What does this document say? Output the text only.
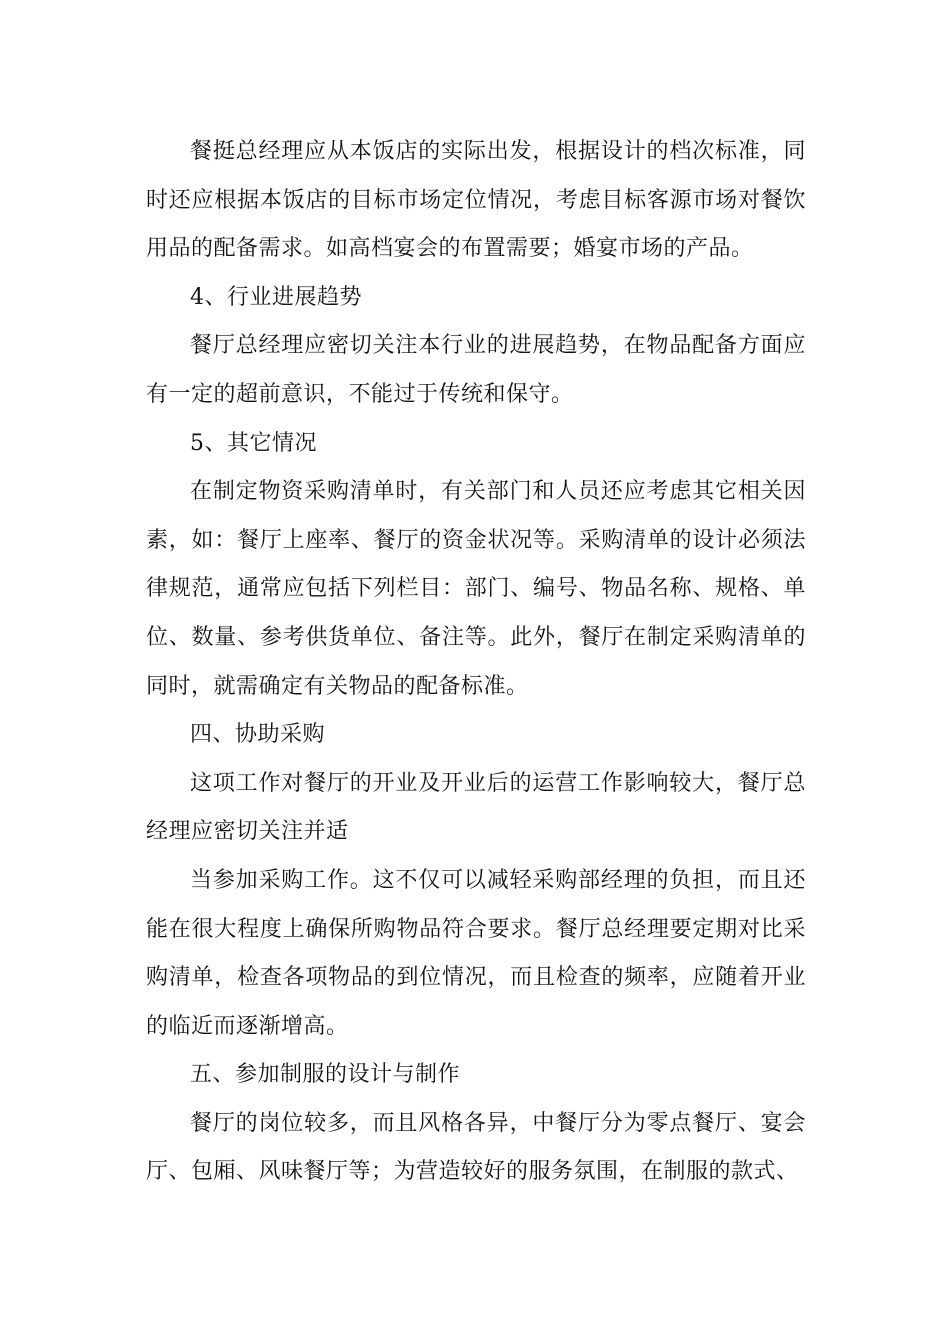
餐挺总经理应从本饭店的实际出发，根据设计的档次标准，同时还应根据本饭店的目标市场定位情况，考虑目标客源市场对餐饮用品的配备需求。如高档宴会的布置需要；婚宴市场的产品。

4、行业进展趋势

餐厅总经理应密切关注本行业的进展趋势，在物品配备方面应有一定的超前意识，不能过于传统和保守。

5、其它情况

在制定物资采购清单时，有关部门和人员还应考虑其它相关因素，如：餐厅上座率、餐厅的资金状况等。采购清单的设计必须法律规范，通常应包括下列栏目：部门、编号、物品名称、规格、单位、数量、参考供货单位、备注等。此外，餐厅在制定采购清单的同时，就需确定有关物品的配备标准。

四、协助采购

这项工作对餐厅的开业及开业后的运营工作影响较大，餐厅总经理应密切关注并适

当参加采购工作。这不仅可以减轻采购部经理的负担，而且还能在很大程度上确保所购物品符合要求。餐厅总经理要定期对比采购清单，检查各项物品的到位情况，而且检查的频率，应随着开业的临近而逐渐增高。

五、参加制服的设计与制作

餐厅的岗位较多，而且风格各异，中餐厅分为零点餐厅、宴会厅、包厢、风味餐厅等；为营造较好的服务氛围，在制服的款式、
